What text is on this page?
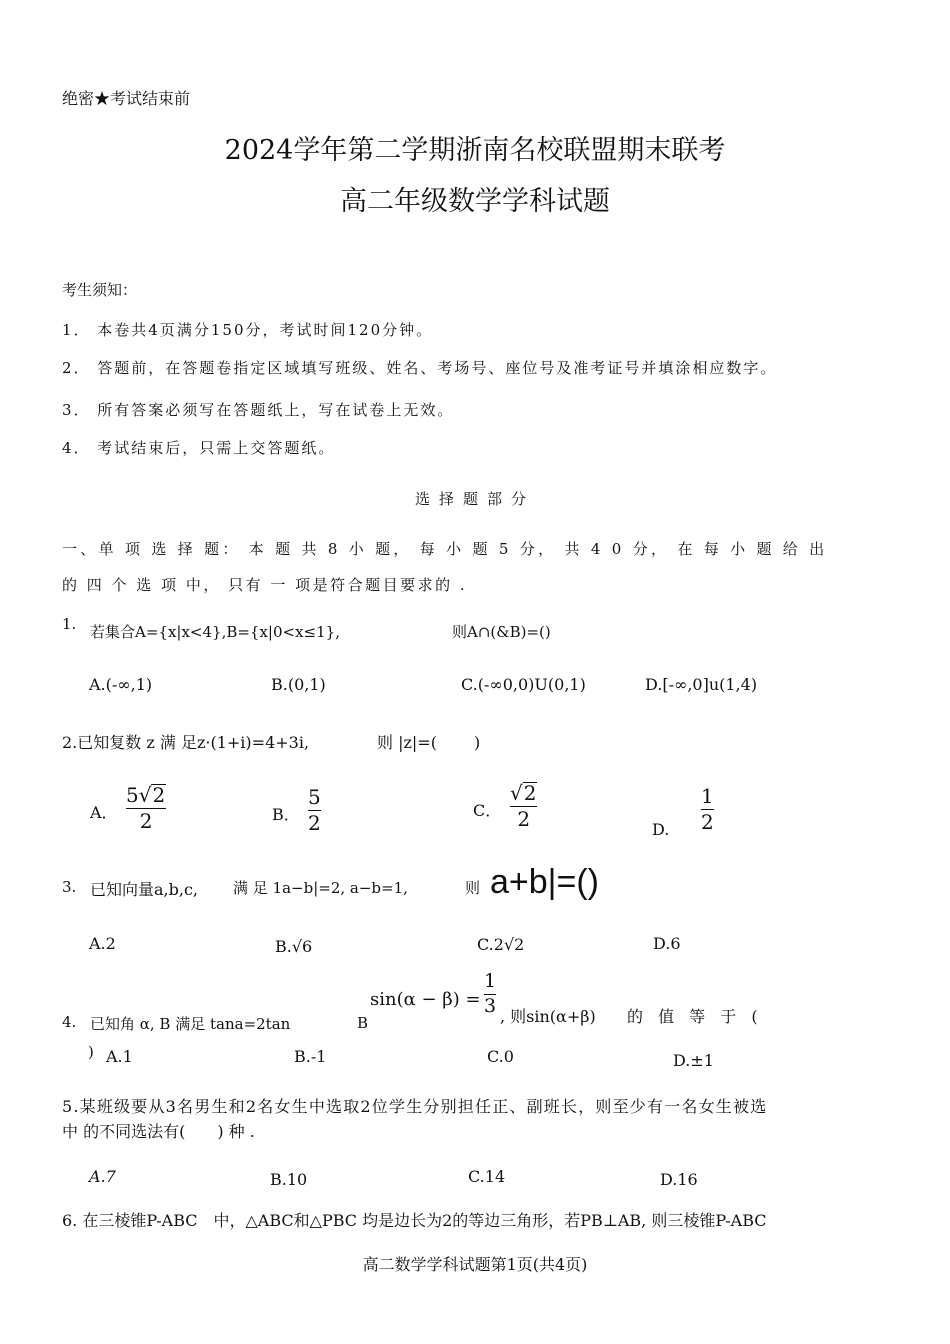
绝密★考试结束前
2024学年第二学期浙南名校联盟期末联考
高二年级数学学科试题
考生须知：
1． 本卷共4页满分150分，考试时间120分钟。
2． 答题前，在答题卷指定区域填写班级、姓名、考场号、座位号及准考证号并填涂相应数字。
3． 所有答案必须写在答题纸上，写在试卷上无效。
4． 考试结束后，只需上交答题纸。
选择题部分
一、单 项 选 择 题： 本 题 共 8 小 题， 每 小 题 5 分， 共 4 0 分， 在 每 小 题 给 出
的 四 个 选 项 中， 只有 一 项是符合题目要求的 .
1. 若集合A={x|x<4},B={x|0<x≤1},	则A∩(&B)=()
A.(-∞,1)	B.(0,1)	C.(-∞0,0)U(0,1)	D.[-∞,0]u(1,4)
2.已知复数 z 满 足z·(1+i)=4+3i,	则 |z|=(　　 )
A．
5 √ 2
2	B．
5
2
C．
√ 2
2	D.
1
2
3. 已知向量a,b,c, 满 足 1a−b|=2, a−b=1,	则 a+b|=()
A.2	B.√6	C.2√2	D.6
sin(α − β) =
1
3 , 则sin(α+β) 的 值 等 于 (
4. 已知角 α, Β 满足 tana=2tan	B
) A.1	B.-1	C.0	D.±1
5.某班级要从3名男生和2名女生中选取2位学生分别担任正、副班长，则至少有一名女生被选
中 的不同选法有(　　) 种 .
A.7	B.10	C.14	D.16
6. 在三棱锥P-ABC　中，△ABC和△PBC 均是边长为2的等边三角形，若PB⊥AB, 则三棱锥P-ABC
高二数学学科试题第1页(共4页)
